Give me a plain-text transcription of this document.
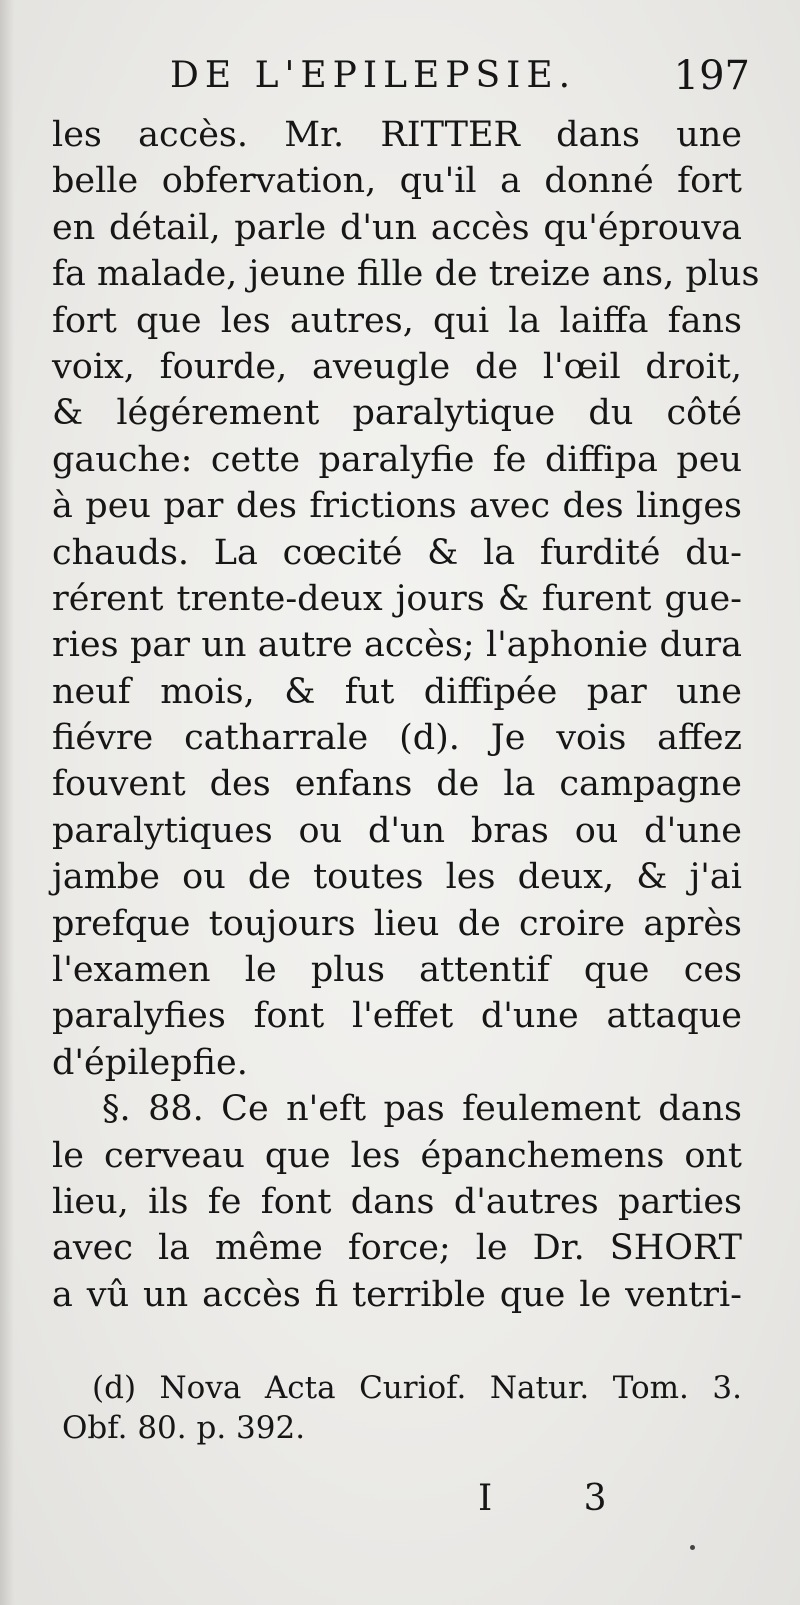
DE L'EPILEPSIE. 197
les accès. Mr. RITTER dans une
belle obfervation, qu'il a donné fort
en détail, parle d'un accès qu'éprouva
fa malade, jeune fille de treize ans, plus
fort que les autres, qui la laiffa fans
voix, fourde, aveugle de l'œil droit,
& légérement paralytique du côté
gauche: cette paralyfie fe diffipa peu
à peu par des frictions avec des linges
chauds. La cœcité & la furdité du-
rérent trente-deux jours & furent gue-
ries par un autre accès; l'aphonie dura
neuf mois, & fut diffipée par une
fiévre catharrale (d). Je vois affez
fouvent des enfans de la campagne
paralytiques ou d'un bras ou d'une
jambe ou de toutes les deux, & j'ai
prefque toujours lieu de croire après
l'examen le plus attentif que ces
paralyfies font l'effet d'une attaque
d'épilepfie.
§. 88. Ce n'eft pas feulement dans
le cerveau que les épanchemens ont
lieu, ils fe font dans d'autres parties
avec la même force; le Dr. SHORT
a vû un accès fi terrible que le ventri-
(d) Nova Acta Curiof. Natur. Tom. 3.
Obf. 80. p. 392.
I 3
